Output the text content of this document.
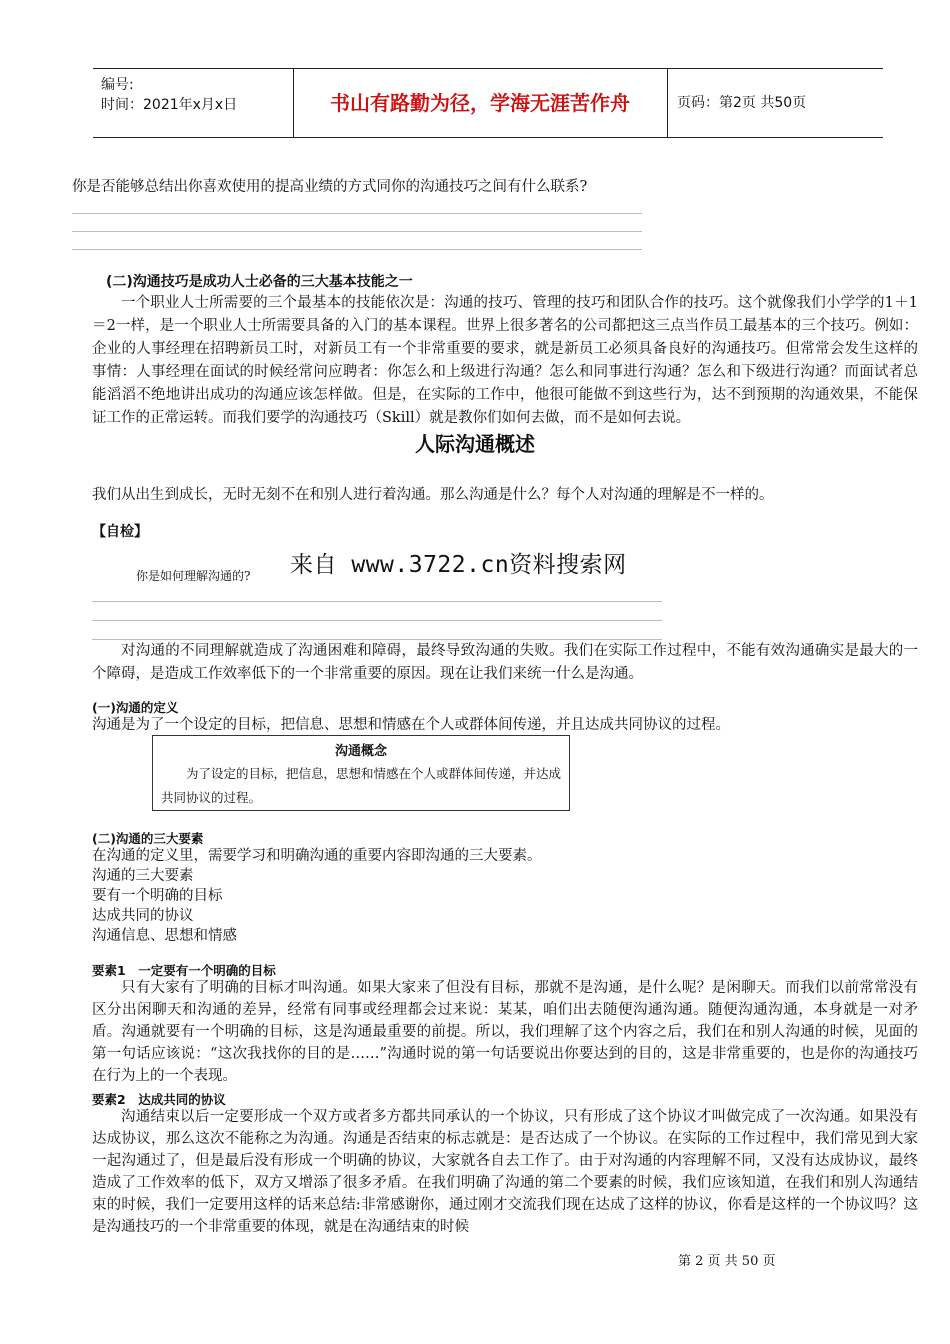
编号:
时间：2021年x月x日	书山有路勤为径，学海无涯苦作舟	页码：第2页 共50页
你是否能够总结出你喜欢使用的提高业绩的方式同你的沟通技巧之间有什么联系?
(二)沟通技巧是成功人士必备的三大基本技能之一

一个职业人士所需要的三个最基本的技能依次是：沟通的技巧、管理的技巧和团队合作的技巧。这个就像我们小学学的1＋1＝2一样，是一个职业人士所需要具备的入门的基本课程。世界上很多著名的公司都把这三点当作员工最基本的三个技巧。例如：企业的人事经理在招聘新员工时，对新员工有一个非常重要的要求，就是新员工必须具备良好的沟通技巧。但常常会发生这样的事情：人事经理在面试的时候经常问应聘者：你怎么和上级进行沟通？怎么和同事进行沟通？怎么和下级进行沟通？而面试者总能滔滔不绝地讲出成功的沟通应该怎样做。但是，在实际的工作中，他很可能做不到这些行为，达不到预期的沟通效果，不能保证工作的正常运转。而我们要学的沟通技巧（Skill）就是教你们如何去做，而不是如何去说。

人际沟通概述
我们从出生到成长，无时无刻不在和别人进行着沟通。那么沟通是什么？每个人对沟通的理解是不一样的。
【自检】
你是如何理解沟通的? 来自 www.3722.cn资料搜索网

对沟通的不同理解就造成了沟通困难和障碍，最终导致沟通的失败。我们在实际工作过程中，不能有效沟通确实是最大的一个障碍，是造成工作效率低下的一个非常重要的原因。现在让我们来统一什么是沟通。

(一)沟通的定义
沟通是为了一个设定的目标，把信息、思想和情感在个人或群体间传递，并且达成共同协议的过程。
沟通概念
为了设定的目标，把信息，思想和情感在个人或群体间传递，并达成共同协议的过程。
(二)沟通的三大要素
在沟通的定义里，需要学习和明确沟通的重要内容即沟通的三大要素。
沟通的三大要素
要有一个明确的目标
达成共同的协议
沟通信息、思想和情感
要素1　一定要有一个明确的目标

只有大家有了明确的目标才叫沟通。如果大家来了但没有目标，那就不是沟通，是什么呢？是闲聊天。而我们以前常常没有区分出闲聊天和沟通的差异，经常有同事或经理都会过来说：某某，咱们出去随便沟通沟通。随便沟通沟通，本身就是一对矛盾。沟通就要有一个明确的目标，这是沟通最重要的前提。所以，我们理解了这个内容之后，我们在和别人沟通的时候，见面的第一句话应该说：“这次我找你的目的是……”沟通时说的第一句话要说出你要达到的目的，这是非常重要的，也是你的沟通技巧在行为上的一个表现。

要素2　达成共同的协议

沟通结束以后一定要形成一个双方或者多方都共同承认的一个协议，只有形成了这个协议才叫做完成了一次沟通。如果没有达成协议，那么这次不能称之为沟通。沟通是否结束的标志就是：是否达成了一个协议。在实际的工作过程中，我们常见到大家一起沟通过了，但是最后没有形成一个明确的协议，大家就各自去工作了。由于对沟通的内容理解不同，又没有达成协议，最终造成了工作效率的低下，双方又增添了很多矛盾。在我们明确了沟通的第二个要素的时候，我们应该知道，在我们和别人沟通结束的时候，我们一定要用这样的话来总结:非常感谢你，通过刚才交流我们现在达成了这样的协议，你看是这样的一个协议吗？这是沟通技巧的一个非常重要的体现，就是在沟通结束的时候

第 2 页 共 50 页
